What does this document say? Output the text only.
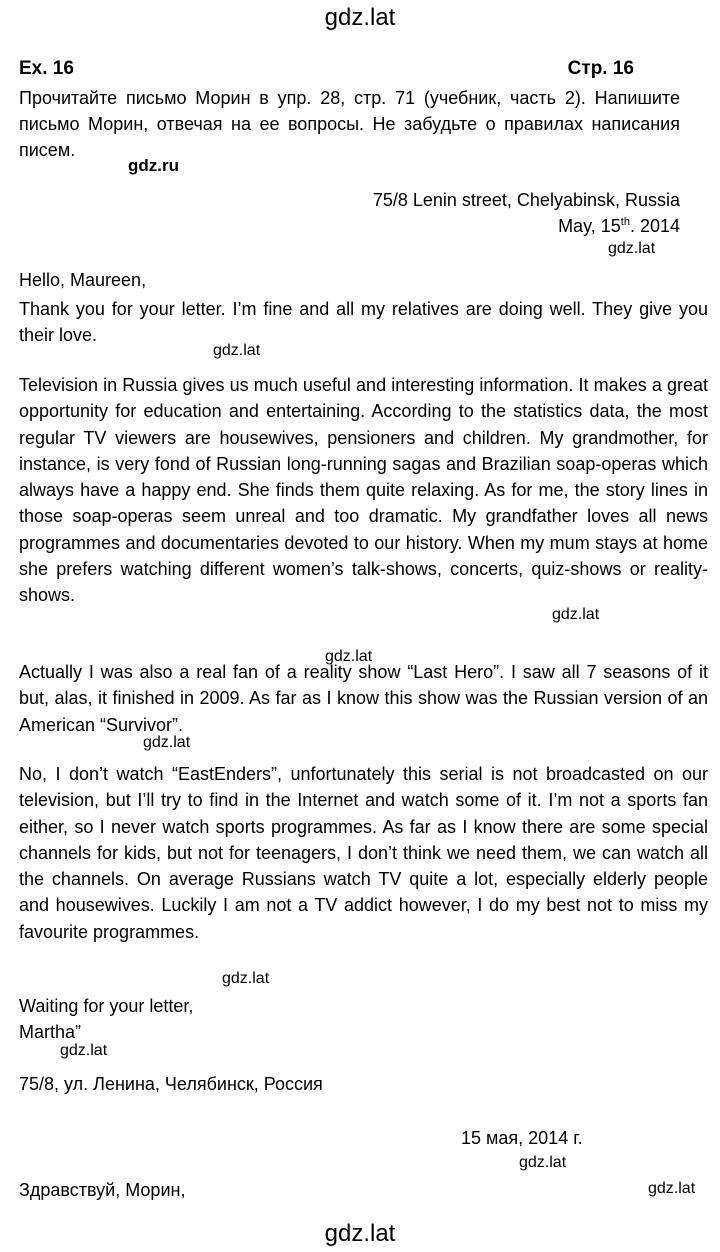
gdz.lat
Ex. 16	Стр. 16
Прочитайте письмо Морин в упр. 28, стр. 71 (учебник, часть 2). Напишите письмо Морин, отвечая на ее вопросы. Не забудьте о правилах написания писем.
gdz.ru
75/8 Lenin street, Chelyabinsk, Russia
May, 15th. 2014
gdz.lat
Hello, Maureen,
Thank you for your letter. I’m fine and all my relatives are doing well. They give you their love.
gdz.lat
Television in Russia gives us much useful and interesting information. It makes a great opportunity for education and entertaining. According to the statistics data, the most regular TV viewers are housewives, pensioners and children. My grandmother, for instance, is very fond of Russian long-running sagas and Brazilian soap-operas which always have a happy end. She finds them quite relaxing. As for me, the story lines in those soap-operas seem unreal and too dramatic. My grandfather loves all news programmes and documentaries devoted to our history. When my mum stays at home she prefers watching different women’s talk-shows, concerts, quiz-shows or reality-shows.
gdz.lat
gdz.lat
Actually I was also a real fan of a reality show “Last Hero”. I saw all 7 seasons of it but, alas, it finished in 2009. As far as I know this show was the Russian version of an American “Survivor”.
gdz.lat
No, I don’t watch “EastEnders”, unfortunately this serial is not broadcasted on our television, but I’ll try to find in the Internet and watch some of it. I’m not a sports fan either, so I never watch sports programmes. As far as I know there are some special channels for kids, but not for teenagers, I don’t think we need them, we can watch all the channels. On average Russians watch TV quite a lot, especially elderly people and housewives. Luckily I am not a TV addict however, I do my best not to miss my favourite programmes.
gdz.lat
Waiting for your letter,
Martha”
gdz.lat
75/8, ул. Ленина, Челябинск, Россия
15 мая, 2014 г.
gdz.lat
Здравствуй, Морин,	gdz.lat
gdz.lat
